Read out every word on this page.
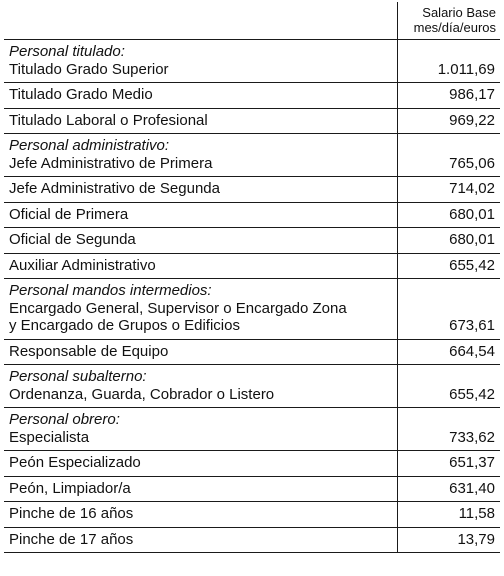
	Salario Base
mes/día/euros

Personal titulado:
Titulado Grado Superior	1.011,69

Titulado Grado Medio	986,17

Titulado Laboral o Profesional	969,22

Personal administrativo:
Jefe Administrativo de Primera	765,06

Jefe Administrativo de Segunda	714,02

Oficial de Primera	680,01

Oficial de Segunda	680,01

Auxiliar Administrativo	655,42

Personal mandos intermedios:
Encargado General, Supervisor o Encargado Zona
y Encargado de Grupos o Edificios	673,61

Responsable de Equipo	664,54

Personal subalterno:
Ordenanza, Guarda, Cobrador o Listero	655,42

Personal obrero:
Especialista	733,62

Peón Especializado	651,37

Peón, Limpiador/a	631,40

Pinche de 16 años	11,58

Pinche de 17 años	13,79
